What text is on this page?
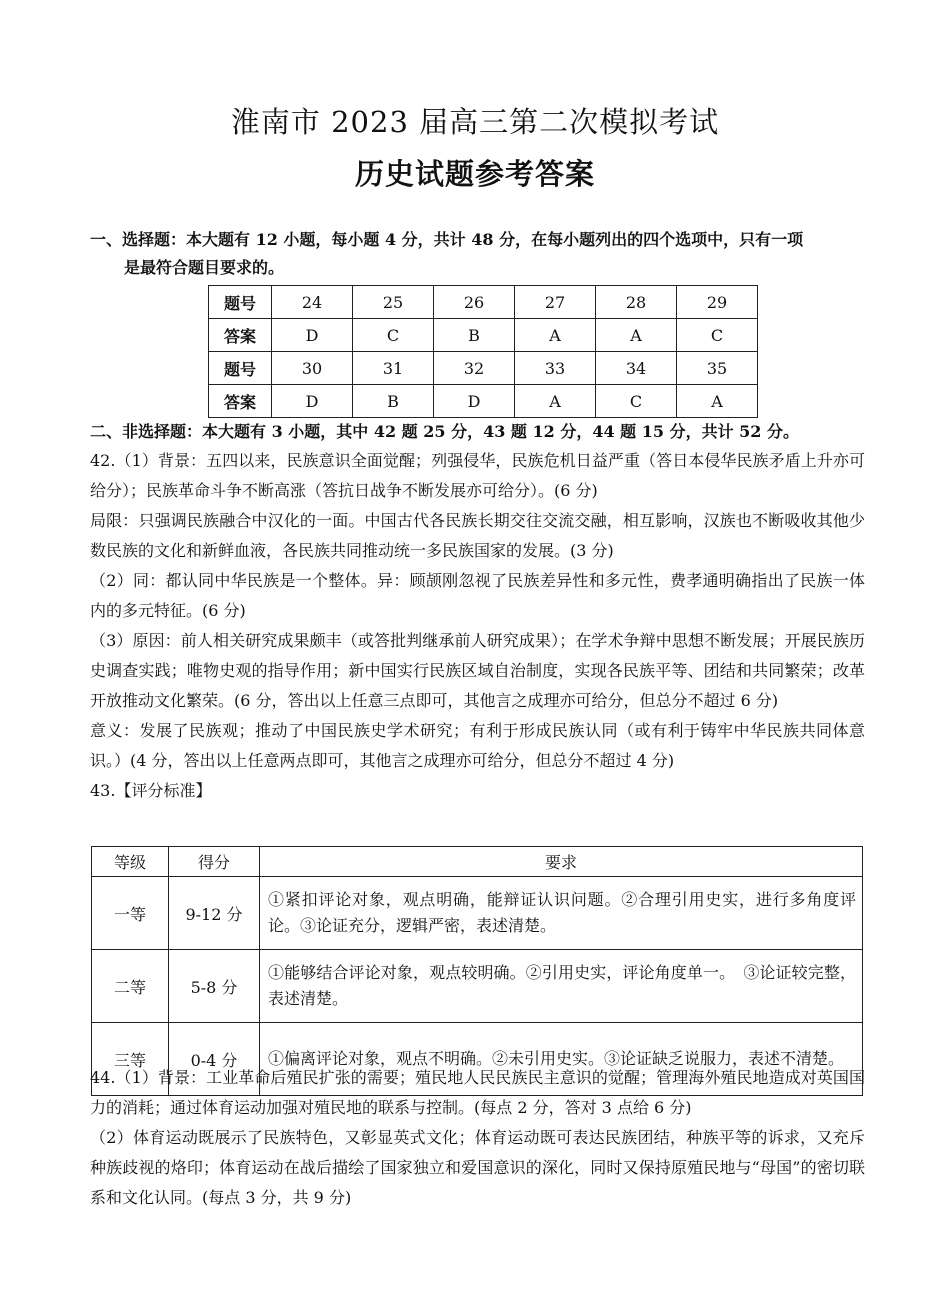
淮南市 2023 届高三第二次模拟考试
历史试题参考答案
一、选择题：本大题有 12 小题，每小题 4 分，共计 48 分，在每小题列出的四个选项中，只有一项
是最符合题目要求的。
题号	24	25	26	27	28	29
答案	D	C	B	A	A	C
题号	30	31	32	33	34	35
答案	D	B	D	A	C	A
二、非选择题：本大题有 3 小题，其中 42 题 25 分，43 题 12 分，44 题 15 分，共计 52 分。

42.（1）背景：五四以来，民族意识全面觉醒；列强侵华，民族危机日益严重（答日本侵华民族矛盾上升亦可给分）；民族革命斗争不断高涨（答抗日战争不断发展亦可给分）。(6 分)

局限：只强调民族融合中汉化的一面。中国古代各民族长期交往交流交融，相互影响，汉族也不断吸收其他少数民族的文化和新鲜血液，各民族共同推动统一多民族国家的发展。(3 分)

（2）同：都认同中华民族是一个整体。异：顾颉刚忽视了民族差异性和多元性，费孝通明确指出了民族一体内的多元特征。(6 分)

（3）原因：前人相关研究成果颇丰（或答批判继承前人研究成果）；在学术争辩中思想不断发展；开展民族历史调查实践；唯物史观的指导作用；新中国实行民族区域自治制度，实现各民族平等、团结和共同繁荣；改革开放推动文化繁荣。(6 分，答出以上任意三点即可，其他言之成理亦可给分，但总分不超过 6 分)

意义：发展了民族观；推动了中国民族史学术研究；有利于形成民族认同（或有利于铸牢中华民族共同体意识。）(4 分，答出以上任意两点即可，其他言之成理亦可给分，但总分不超过 4 分)

43.【评分标准】

等级	得分	要求
一等	9-12 分	①紧扣评论对象，观点明确，能辩证认识问题。②合理引用史实，进行多角度评论。③论证充分，逻辑严密，表述清楚。
二等	5-8 分	①能够结合评论对象，观点较明确。②引用史实，评论角度单一。　③论证较完整，表述清楚。
三等	0-4 分	①偏离评论对象，观点不明确。②未引用史实。③论证缺乏说服力，表述不清楚。

44.（1）背景：工业革命后殖民扩张的需要；殖民地人民民族民主意识的觉醒；管理海外殖民地造成对英国国力的消耗；通过体育运动加强对殖民地的联系与控制。(每点 2 分，答对 3 点给 6 分)

（2）体育运动既展示了民族特色，又彰显英式文化；体育运动既可表达民族团结，种族平等的诉求，又充斥种族歧视的烙印；体育运动在战后描绘了国家独立和爱国意识的深化，同时又保持原殖民地与“母国”的密切联系和文化认同。(每点 3 分，共 9 分)
